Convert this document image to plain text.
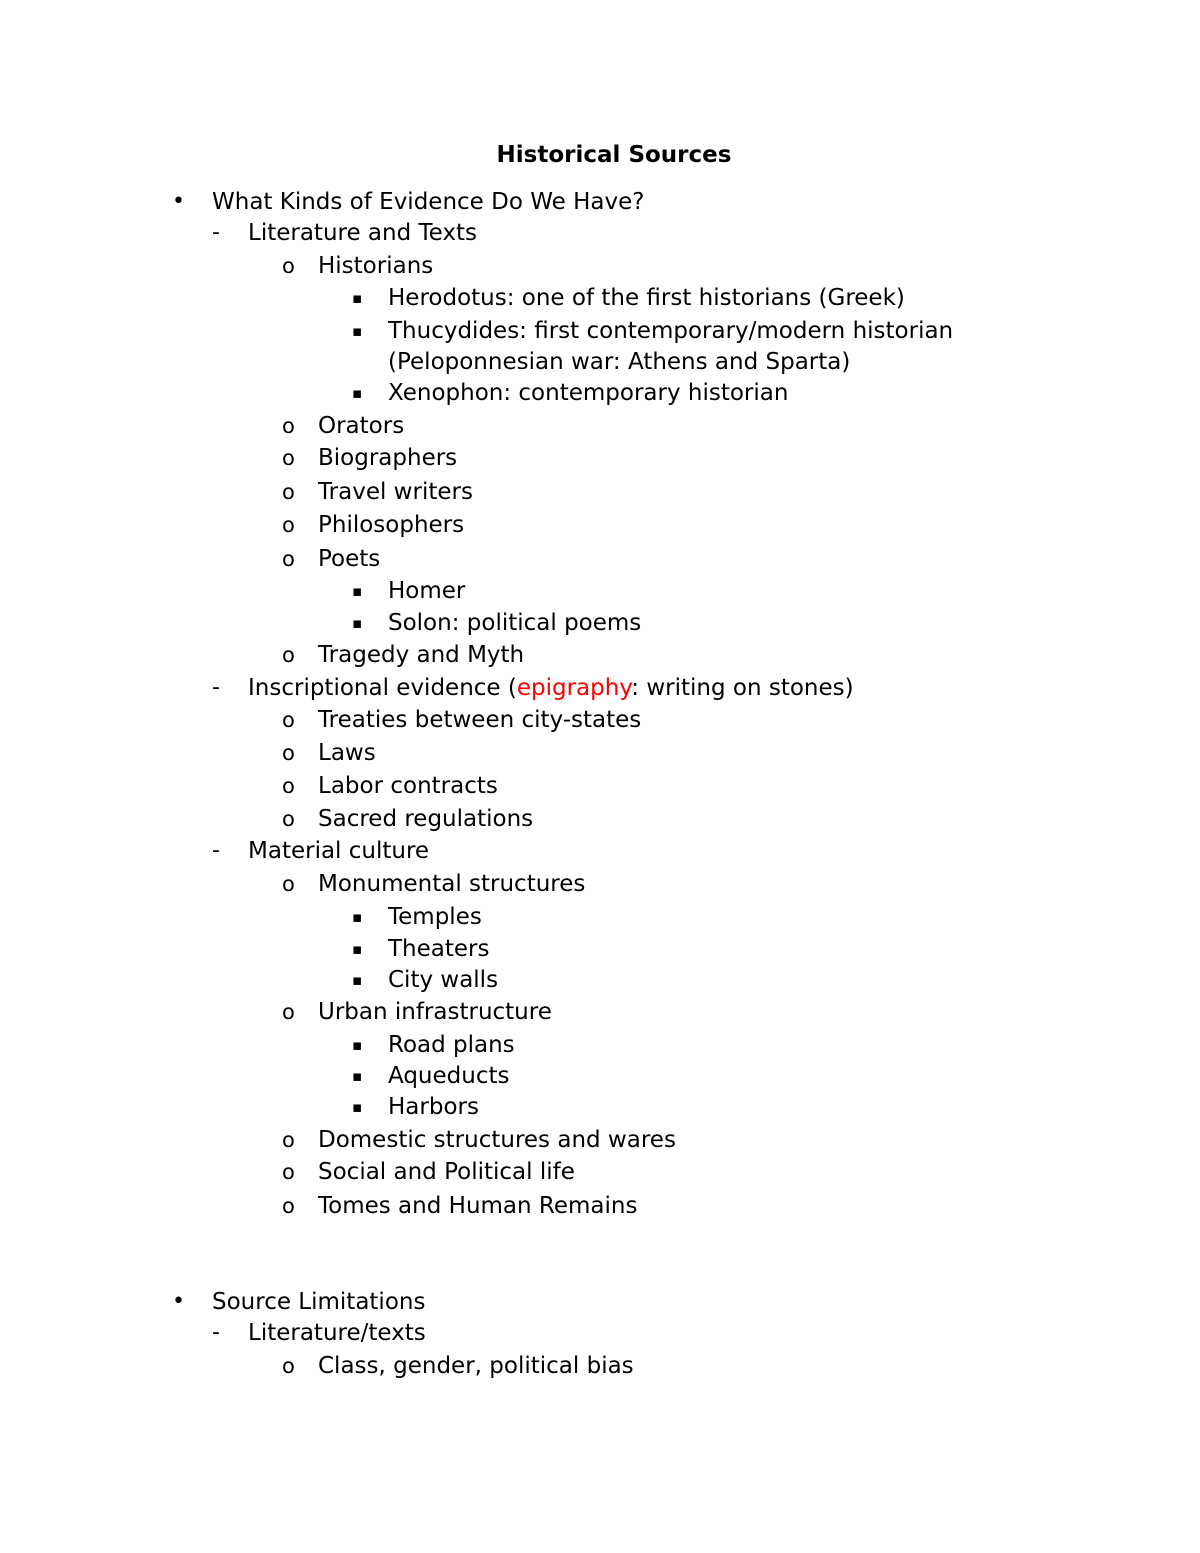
Historical Sources
• What Kinds of Evidence Do We Have?
- Literature and Texts
o Historians
▪ Herodotus: one of the first historians (Greek)
▪ Thucydides: first contemporary/modern historian
(Peloponnesian war: Athens and Sparta)
▪ Xenophon: contemporary historian
o Orators
o Biographers
o Travel writers
o Philosophers
o Poets
▪ Homer
▪ Solon: political poems
o Tragedy and Myth
- Inscriptional evidence (epigraphy: writing on stones)
o Treaties between city-states
o Laws
o Labor contracts
o Sacred regulations
- Material culture
o Monumental structures
▪ Temples
▪ Theaters
▪ City walls
o Urban infrastructure
▪ Road plans
▪ Aqueducts
▪ Harbors
o Domestic structures and wares
o Social and Political life
o Tomes and Human Remains
• Source Limitations
- Literature/texts
o Class, gender, political bias
